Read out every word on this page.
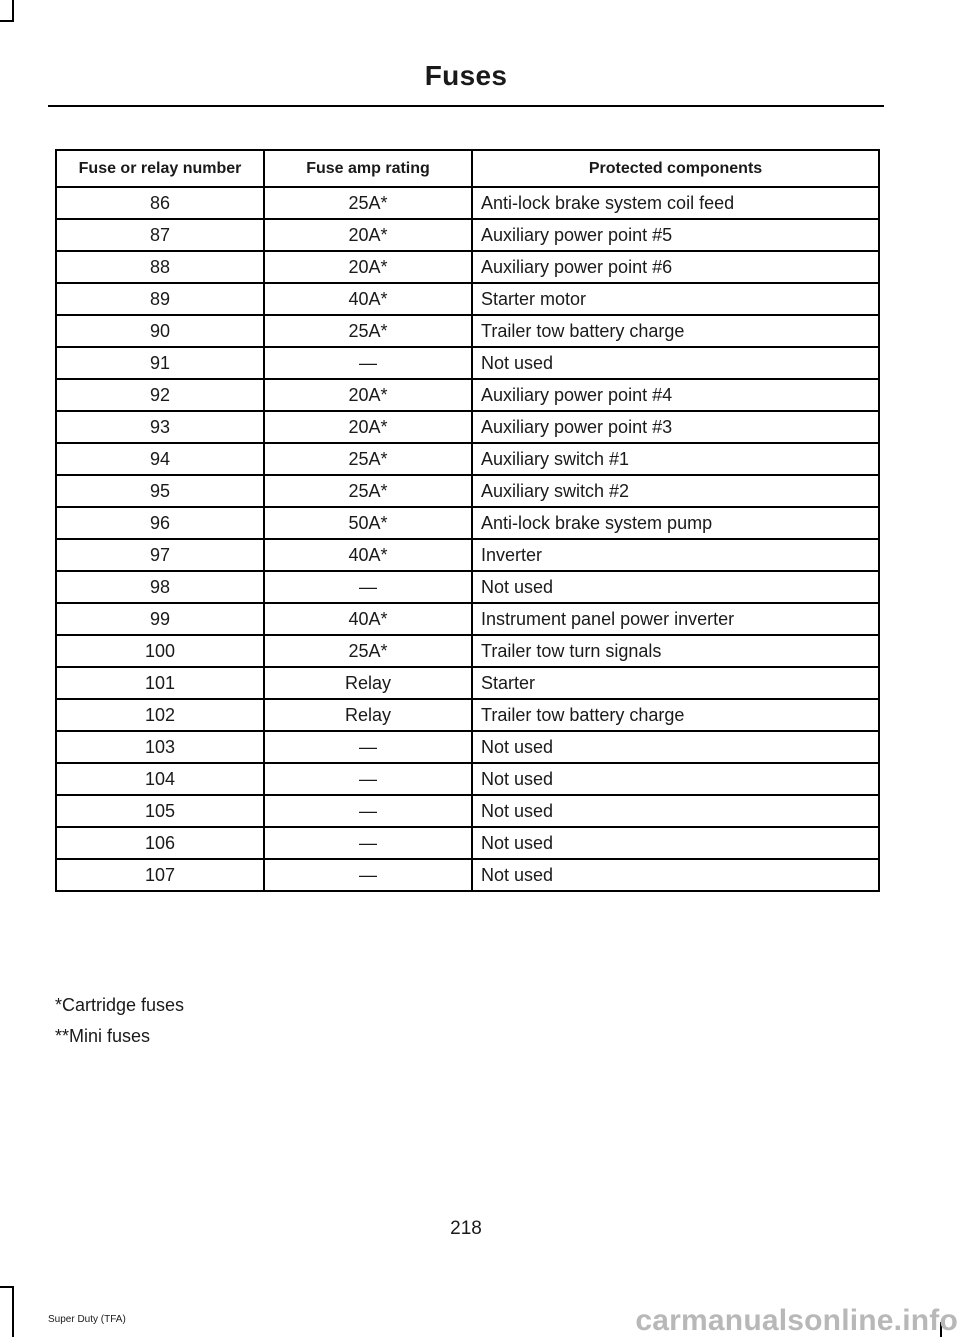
Fuses
Fuse or relay number	Fuse amp rating	Protected components
86	25A*	Anti-lock brake system coil feed
87	20A*	Auxiliary power point #5
88	20A*	Auxiliary power point #6
89	40A*	Starter motor
90	25A*	Trailer tow battery charge
91	—	Not used
92	20A*	Auxiliary power point #4
93	20A*	Auxiliary power point #3
94	25A*	Auxiliary switch #1
95	25A*	Auxiliary switch #2
96	50A*	Anti-lock brake system pump
97	40A*	Inverter
98	—	Not used
99	40A*	Instrument panel power inverter
100	25A*	Trailer tow turn signals
101	Relay	Starter
102	Relay	Trailer tow battery charge
103	—	Not used
104	—	Not used
105	—	Not used
106	—	Not used
107	—	Not used
*Cartridge fuses
**Mini fuses
218
Super Duty (TFA)	carmanualsonline.info
